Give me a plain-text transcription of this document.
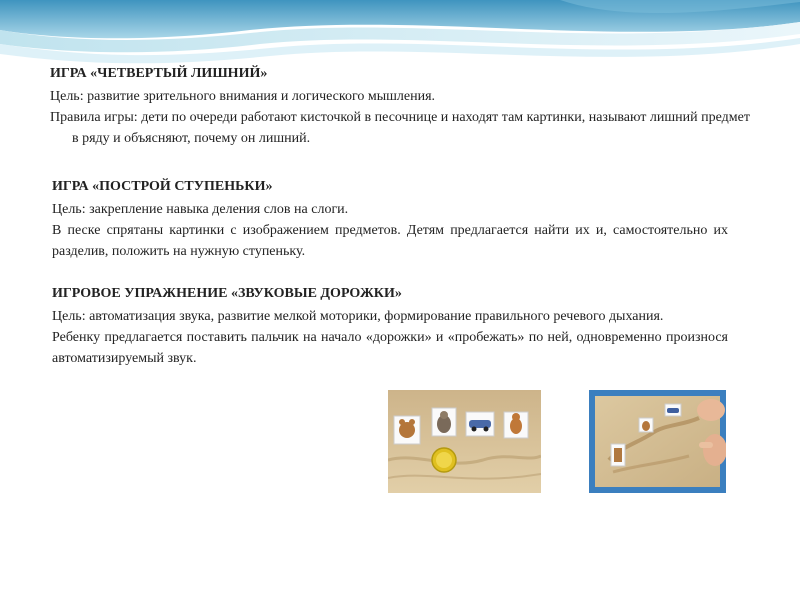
ИГРА «ЧЕТВЕРТЫЙ ЛИШНИЙ»
Цель: развитие зрительного внимания и логического мышления.
Правила игры: дети по очереди работают кисточкой в песочнице и находят там картинки, называют лишний предмет в ряду и объясняют, почему он лишний.
ИГРА «ПОСТРОЙ СТУПЕНЬКИ»
Цель: закрепление навыка деления слов на слоги.
В песке спрятаны картинки с изображением предметов. Детям предлагается найти их и, самостоятельно их разделив, положить на нужную ступеньку.
ИГРОВОЕ УПРАЖНЕНИЕ «ЗВУКОВЫЕ ДОРОЖКИ»
Цель: автоматизация звука, развитие мелкой моторики, формирование правильного речевого дыхания.
Ребенку предлагается поставить пальчик на начало «дорожки» и «пробежать» по ней, одновременно произнося автоматизируемый звук.
